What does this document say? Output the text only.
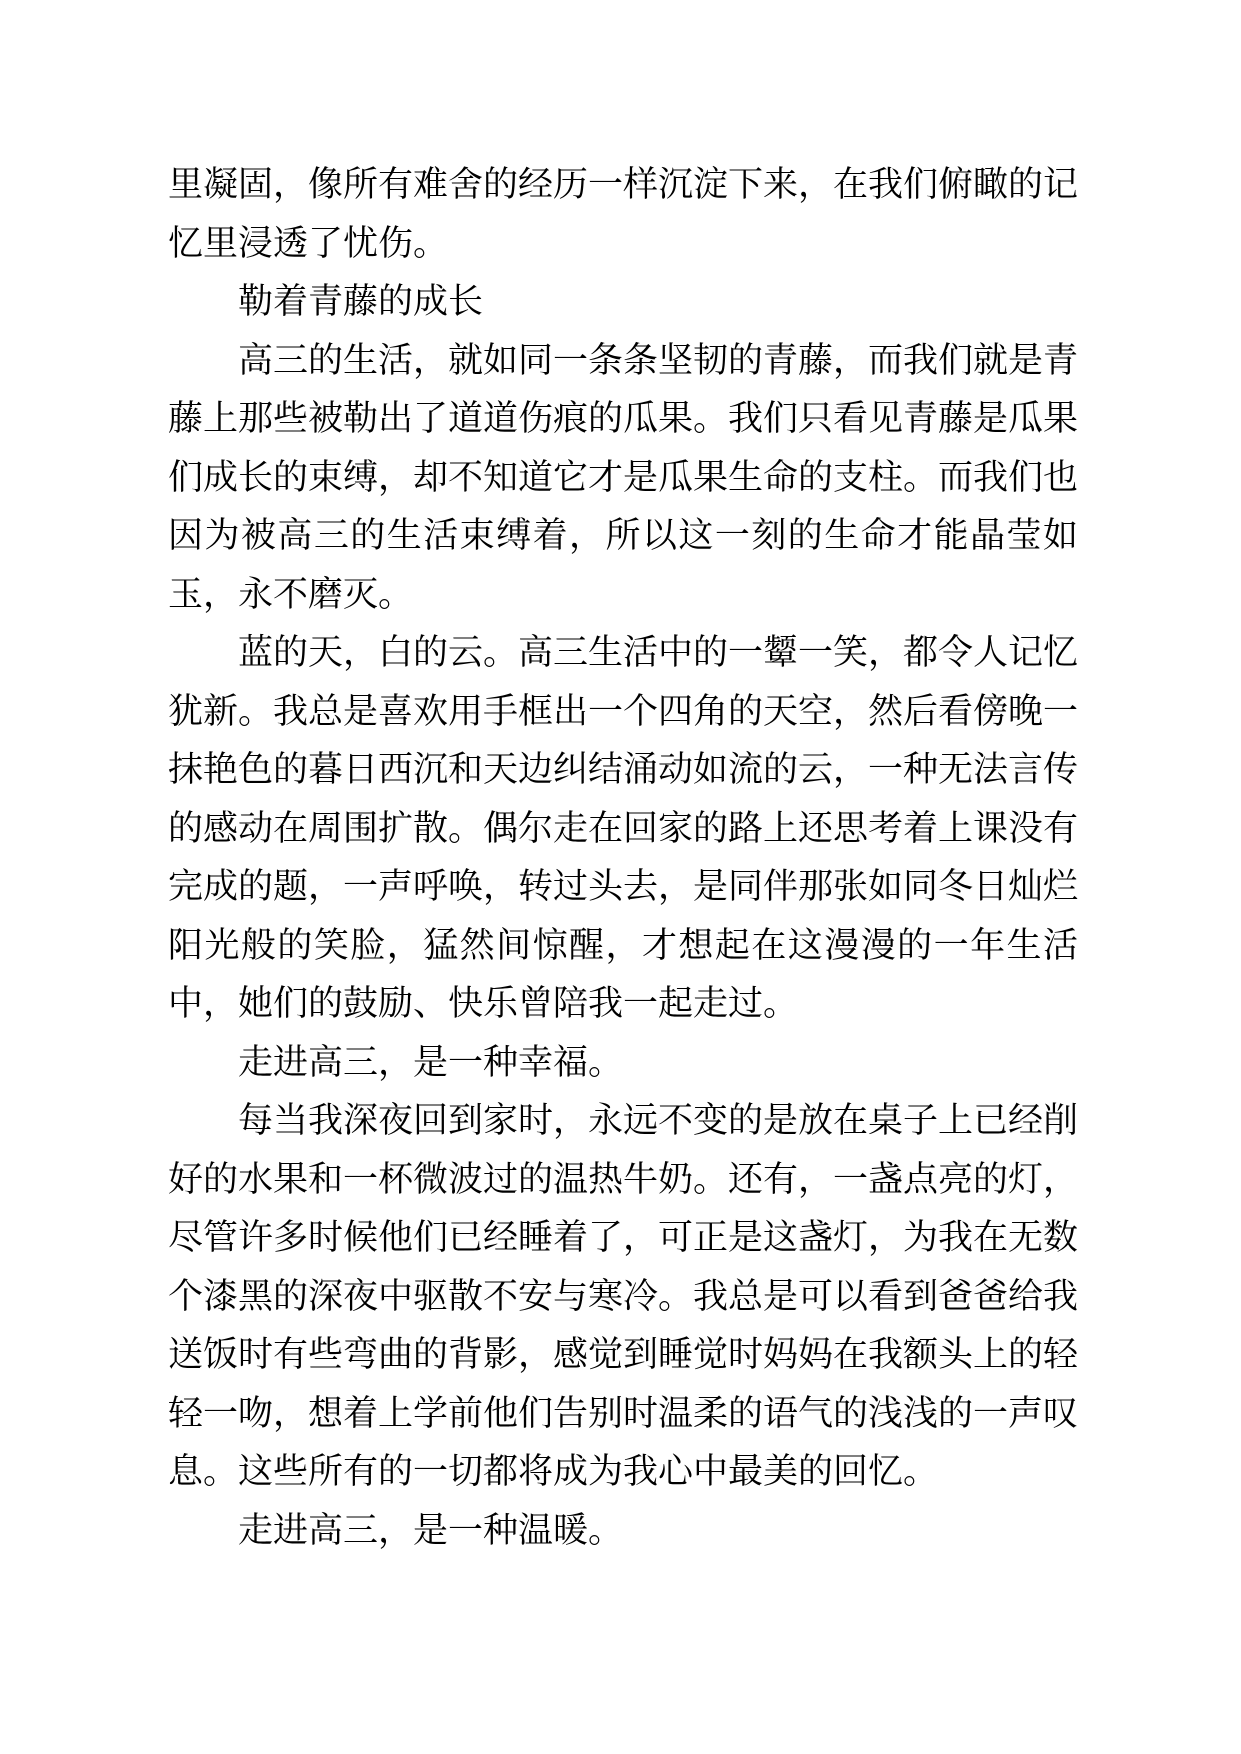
里凝固，像所有难舍的经历一样沉淀下来，在我们俯瞰的记忆里浸透了忧伤。

勒着青藤的成长

高三的生活，就如同一条条坚韧的青藤，而我们就是青藤上那些被勒出了道道伤痕的瓜果。我们只看见青藤是瓜果们成长的束缚，却不知道它才是瓜果生命的支柱。而我们也因为被高三的生活束缚着，所以这一刻的生命才能晶莹如玉，永不磨灭。

蓝的天，白的云。高三生活中的一颦一笑，都令人记忆犹新。我总是喜欢用手框出一个四角的天空，然后看傍晚一抹艳色的暮日西沉和天边纠结涌动如流的云，一种无法言传的感动在周围扩散。偶尔走在回家的路上还思考着上课没有完成的题，一声呼唤，转过头去，是同伴那张如同冬日灿烂阳光般的笑脸，猛然间惊醒，才想起在这漫漫的一年生活中，她们的鼓励、快乐曾陪我一起走过。

走进高三，是一种幸福。

每当我深夜回到家时，永远不变的是放在桌子上已经削好的水果和一杯微波过的温热牛奶。还有，一盏点亮的灯，尽管许多时候他们已经睡着了，可正是这盏灯，为我在无数个漆黑的深夜中驱散不安与寒冷。我总是可以看到爸爸给我送饭时有些弯曲的背影，感觉到睡觉时妈妈在我额头上的轻轻一吻，想着上学前他们告别时温柔的语气的浅浅的一声叹息。这些所有的一切都将成为我心中最美的回忆。

走进高三，是一种温暖。
